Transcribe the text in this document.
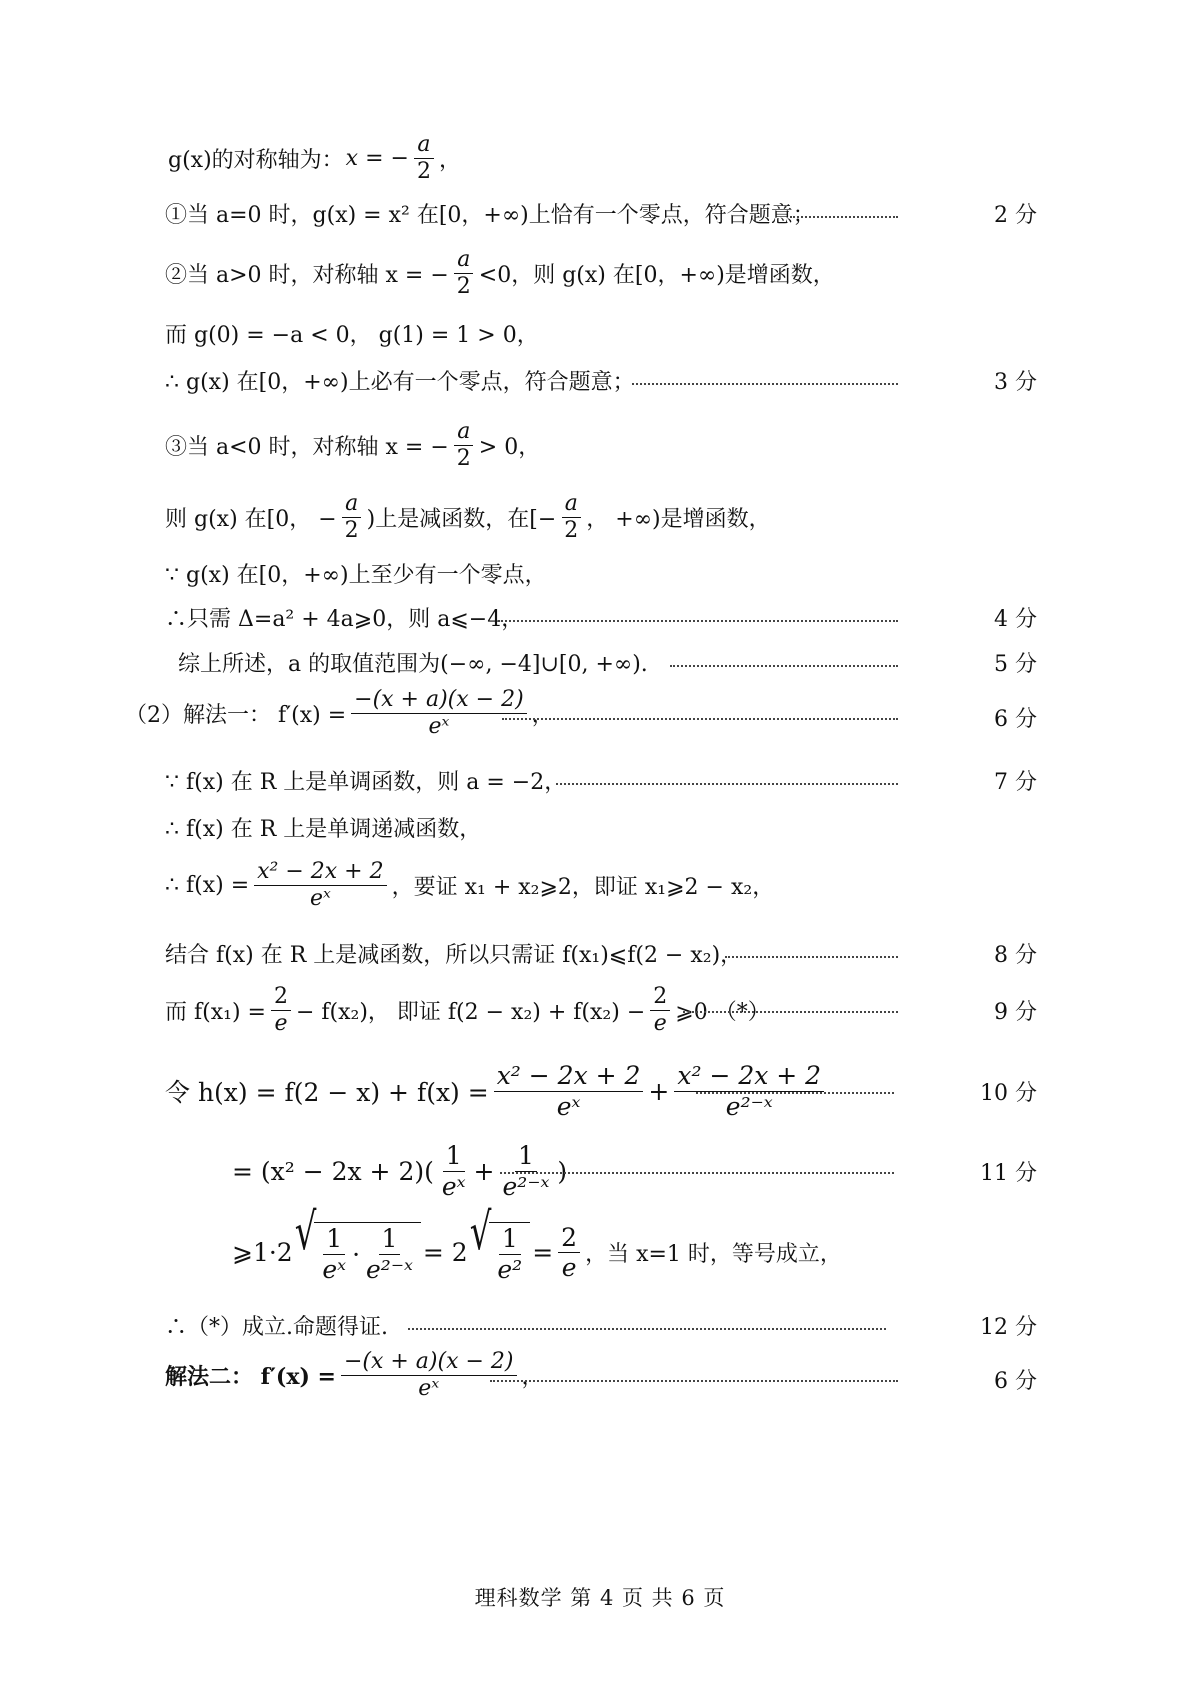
g(x)的对称轴为： x = − $\frac{a}{2}$ ，
①当 a=0 时，g(x) = x² 在[0，+∞)上恰有一个零点，符合题意；	2 分
②当 a>0 时，对称轴 x = − $\frac{a}{2} <0$，则 g(x) 在[0，+∞)是增函数，
而 g(0) = −a < 0， g(1) = 1 > 0，
∴ g(x) 在[0，+∞)上必有一个零点，符合题意；	3 分
③当 a<0 时，对称轴 x = − $\frac{a}{2} > 0$，
则 g(x) 在[0， − $\frac{a}{2}$ )上是减函数，在[− $\frac{a}{2}$ ， +∞)是增函数，
∵ g(x) 在[0，+∞)上至少有一个零点，
∴只需 Δ=a² + 4a⩾0，则 a⩽−4，	4 分
综上所述，a 的取值范围为(−∞, −4]∪[0, +∞).	5 分
（2）解法一： $f'(x) = \frac{-(x + a)(x - 2)}{\text{eˣ}}$ ，	6 分
∵ f(x) 在 R 上是单调函数，则 a = −2，	7 分
∴ f(x) 在 R 上是单调递减函数，
∴ $f(x) = \frac{\text{x² − 2x + 2}}{\text{eˣ}}$ ，要证 x₁ + x₂⩾2，即证 x₁⩾2 − x₂，
结合 f(x) 在 R 上是减函数，所以只需证 f(x₁)⩽f(2 − x₂)，	8 分
而 $f(x_1) = \frac{2}{e} - f(x_2)$， 即证 $f(2 - x_2) + f(x_2) - \frac{2}{e}$ ⩾0 （*）	9 分
令 $h(x) = f(2 - x) + f(x) = \frac{\text{x² − 2x + 2}}{\text{eˣ}} + \frac{\text{x² − 2x + 2}}{\text{e²⁻ˣ}}$	10 分
= $(x^2 - 2x + 2)( \frac{1}{\text{eˣ}} + \frac{1}{\text{e²⁻ˣ}}$ )	11 分
⩾1·2 √ $\frac{1}{\text{eˣ}} \cdot \frac{1}{\text{e²⁻ˣ}} = 2$ √ $\frac{1}{\text{e²}} = \frac{2}{e}$ ，当 x=1 时，等号成立，
∴（*）成立.命题得证.	12 分
解法二： $f'(x) = \frac{-(x + a)(x - 2)}{\text{eˣ}}$ ，	6 分
理科数学 第 4 页 共 6 页
